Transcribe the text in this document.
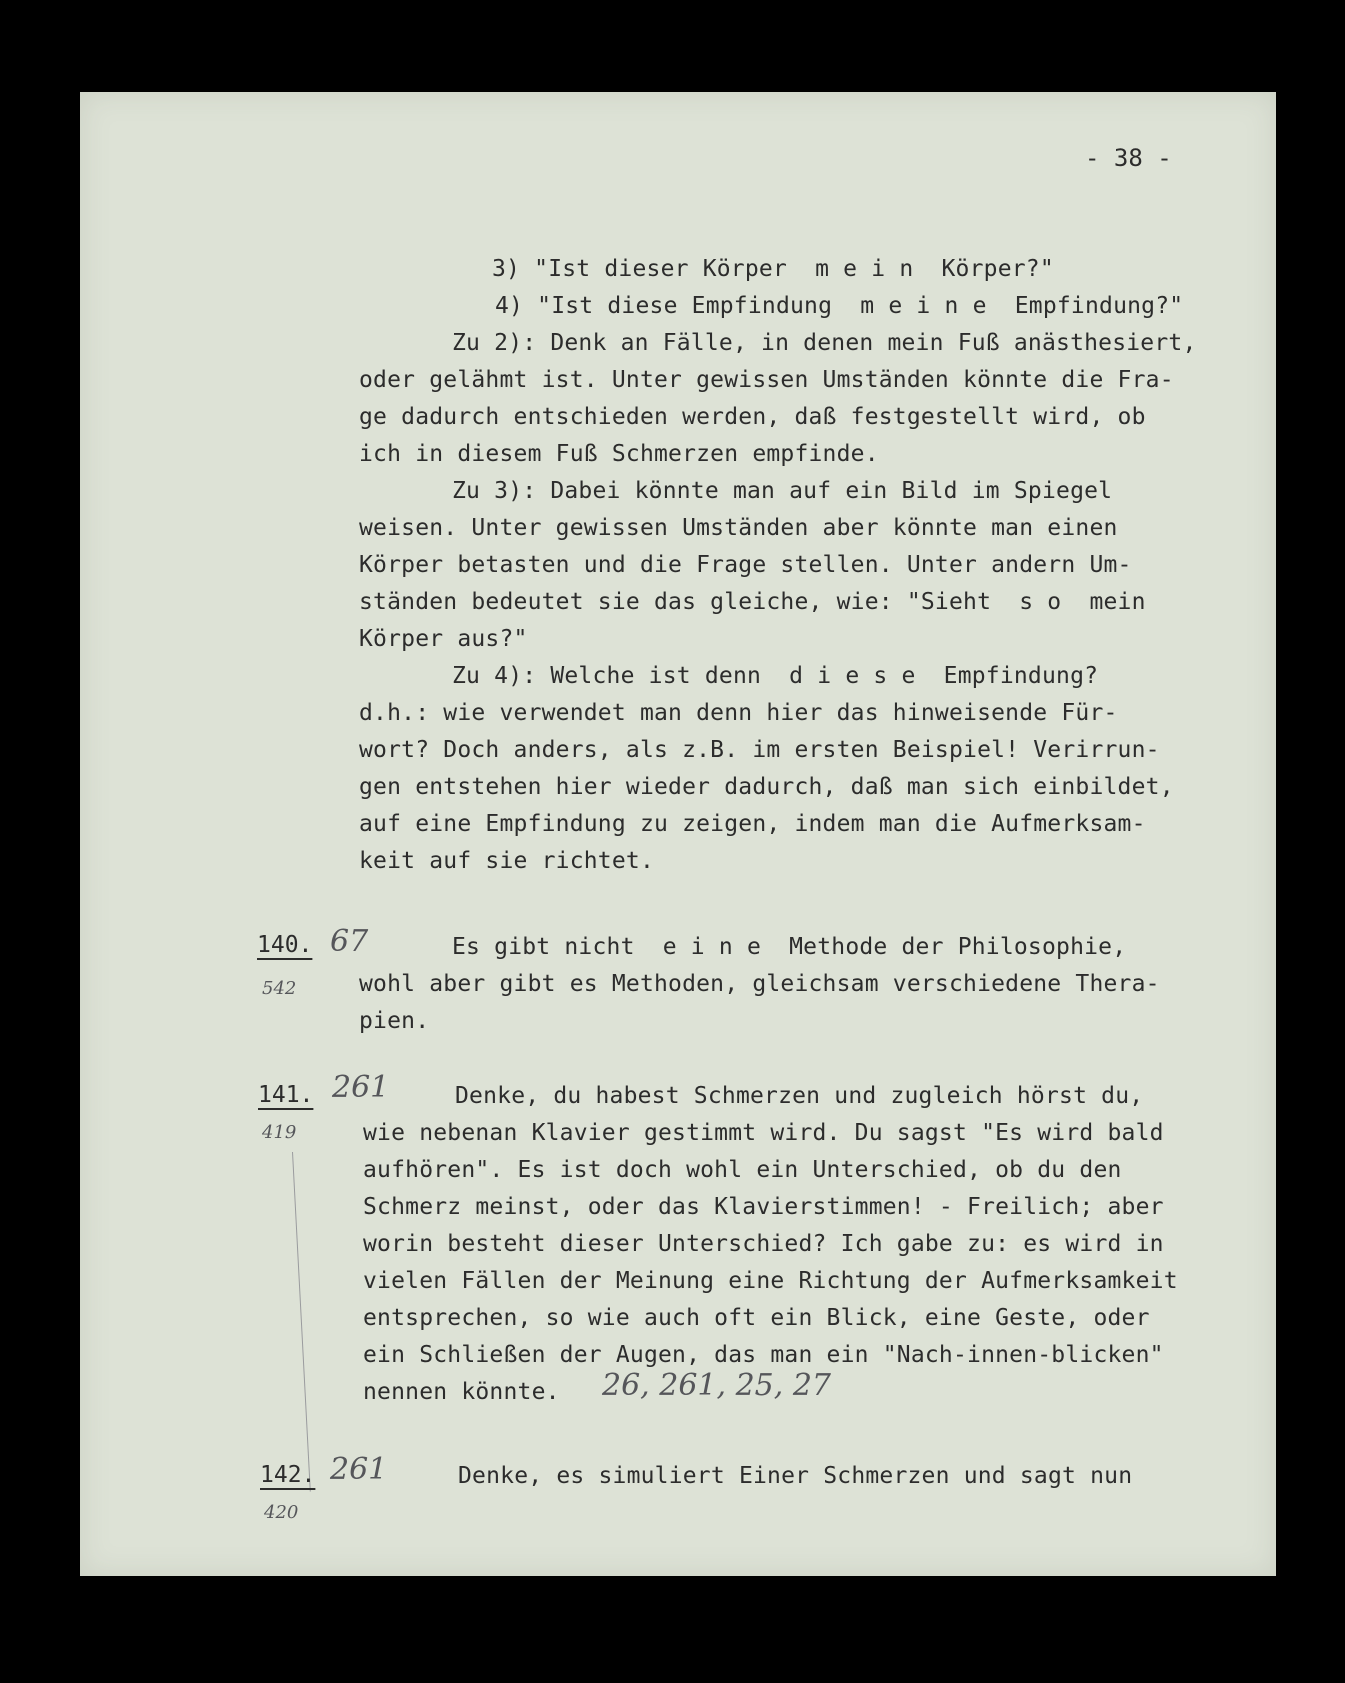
- 38 -
3) "Ist dieser Körper  m e i n  Körper?"
4) "Ist diese Empfindung  m e i n e  Empfindung?"
Zu 2): Denk an Fälle, in denen mein Fuß anästhesiert,
oder gelähmt ist. Unter gewissen Umständen könnte die Fra-
ge dadurch entschieden werden, daß festgestellt wird, ob
ich in diesem Fuß Schmerzen empfinde.
Zu 3): Dabei könnte man auf ein Bild im Spiegel
weisen. Unter gewissen Umständen aber könnte man einen
Körper betasten und die Frage stellen. Unter andern Um-
ständen bedeutet sie das gleiche, wie: "Sieht  s o  mein
Körper aus?"
Zu 4): Welche ist denn  d i e s e  Empfindung?
d.h.: wie verwendet man denn hier das hinweisende Für-
wort? Doch anders, als z.B. im ersten Beispiel! Verirrun-
gen entstehen hier wieder dadurch, daß man sich einbildet,
auf eine Empfindung zu zeigen, indem man die Aufmerksam-
keit auf sie richtet.
140. 67
542
Es gibt nicht  e i n e  Methode der Philosophie,
wohl aber gibt es Methoden, gleichsam verschiedene Thera-
pien.
141. 261
419
Denke, du habest Schmerzen und zugleich hörst du,
wie nebenan Klavier gestimmt wird. Du sagst "Es wird bald
aufhören". Es ist doch wohl ein Unterschied, ob du den
Schmerz meinst, oder das Klavierstimmen! - Freilich; aber
worin besteht dieser Unterschied? Ich gabe zu: es wird in
vielen Fällen der Meinung eine Richtung der Aufmerksamkeit
entsprechen, so wie auch oft ein Blick, eine Geste, oder
ein Schließen der Augen, das man ein "Nach-innen-blicken"
nennen könnte. 26, 261, 25, 27
142. 261
420
Denke, es simuliert Einer Schmerzen und sagt nun
